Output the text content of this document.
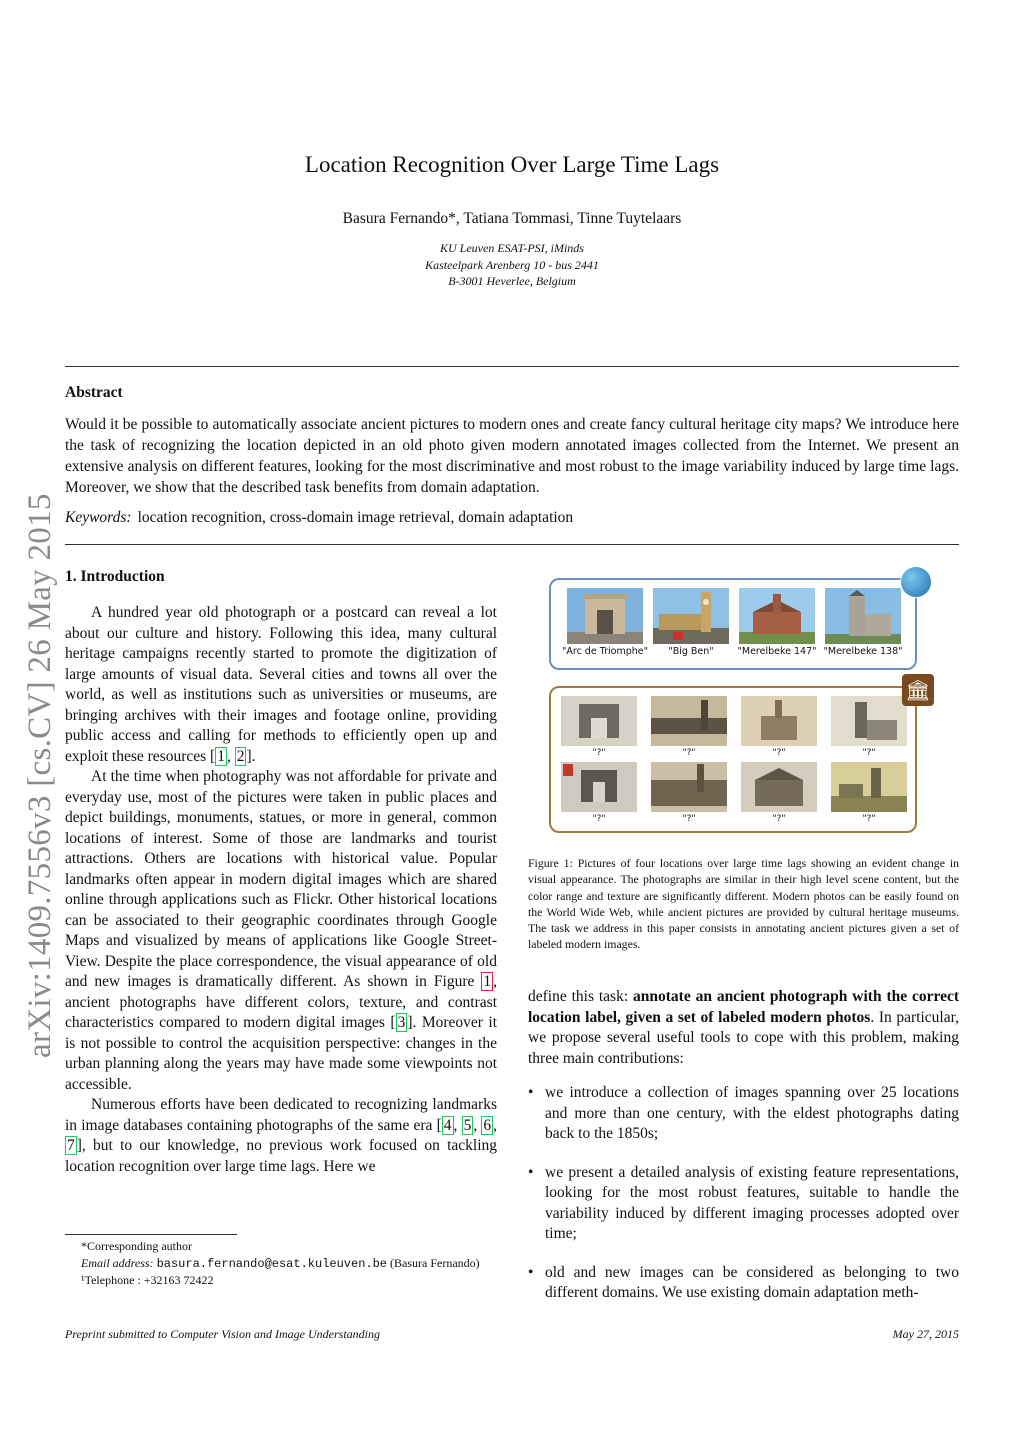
arXiv:1409.7556v3 [cs.CV] 26 May 2015
Location Recognition Over Large Time Lags
Basura Fernando*, Tatiana Tommasi, Tinne Tuytelaars
KU Leuven ESAT-PSI, iMinds
Kasteelpark Arenberg 10 - bus 2441
B-3001 Heverlee, Belgium
Abstract

Would it be possible to automatically associate ancient pictures to modern ones and create fancy cultural heritage city maps? We introduce here the task of recognizing the location depicted in an old photo given modern annotated images collected from the Internet. We present an extensive analysis on different features, looking for the most discriminative and most robust to the image variability induced by large time lags. Moreover, we show that the described task benefits from domain adaptation.

Keywords: location recognition, cross-domain image retrieval, domain adaptation
1. Introduction

A hundred year old photograph or a postcard can reveal a lot about our culture and history. Following this idea, many cultural heritage campaigns recently started to promote the digitization of large amounts of visual data. Several cities and towns all over the world, as well as institutions such as universities or museums, are bringing archives with their images and footage online, providing public access and calling for methods to efficiently open up and exploit these resources [ 1 , 2 ].

At the time when photography was not affordable for private and everyday use, most of the pictures were taken in public places and depict buildings, monuments, statues, or more in general, common locations of interest. Some of those are landmarks and tourist attractions. Others are locations with historical value. Popular landmarks often appear in modern digital images which are shared online through applications such as Flickr. Other historical locations can be associated to their geographic coordinates through Google Maps and visualized by means of applications like Google Street-View. Despite the place correspondence, the visual appearance of old and new images is dramatically different. As shown in Figure 1 , ancient photographs have different colors, texture, and contrast characteristics compared to modern digital images [ 3 ]. Moreover it is not possible to control the acquisition perspective: changes in the urban planning along the years may have made some viewpoints not accessible.

Numerous efforts have been dedicated to recognizing landmarks in image databases containing photographs of the same era [ 4 , 5 , 6 , 7 ], but to our knowledge, no previous work focused on tackling location recognition over large time lags. Here we

*Corresponding author
Email address: basura.fernando@esat.kuleuven.be (Basura Fernando)
¹Telephone : +32163 72422
"Arc de Triomphe"	"Big Ben"	"Merelbeke 147" "Merelbeke 138"
"?"	"?"	"?"	"?"
"?"	"?"	"?"	"?"
🏛
Figure 1: Pictures of four locations over large time lags showing an evident change in visual appearance. The photographs are similar in their high level scene content, but the color range and texture are significantly different. Modern photos can be easily found on the World Wide Web, while ancient pictures are provided by cultural heritage museums. The task we address in this paper consists in annotating ancient pictures given a set of labeled modern images.

define this task: annotate an ancient photograph with the correct location label, given a set of labeled modern photos. In particular, we propose several useful tools to cope with this problem, making three main contributions:

• we introduce a collection of images spanning over 25 locations and more than one century, with the eldest photographs dating back to the 1850s;
• we present a detailed analysis of existing feature representations, looking for the most robust features, suitable to handle the variability induced by different imaging processes adopted over time;
• old and new images can be considered as belonging to two different domains. We use existing domain adaptation meth-
Preprint submitted to Computer Vision and Image Understanding	May 27, 2015
